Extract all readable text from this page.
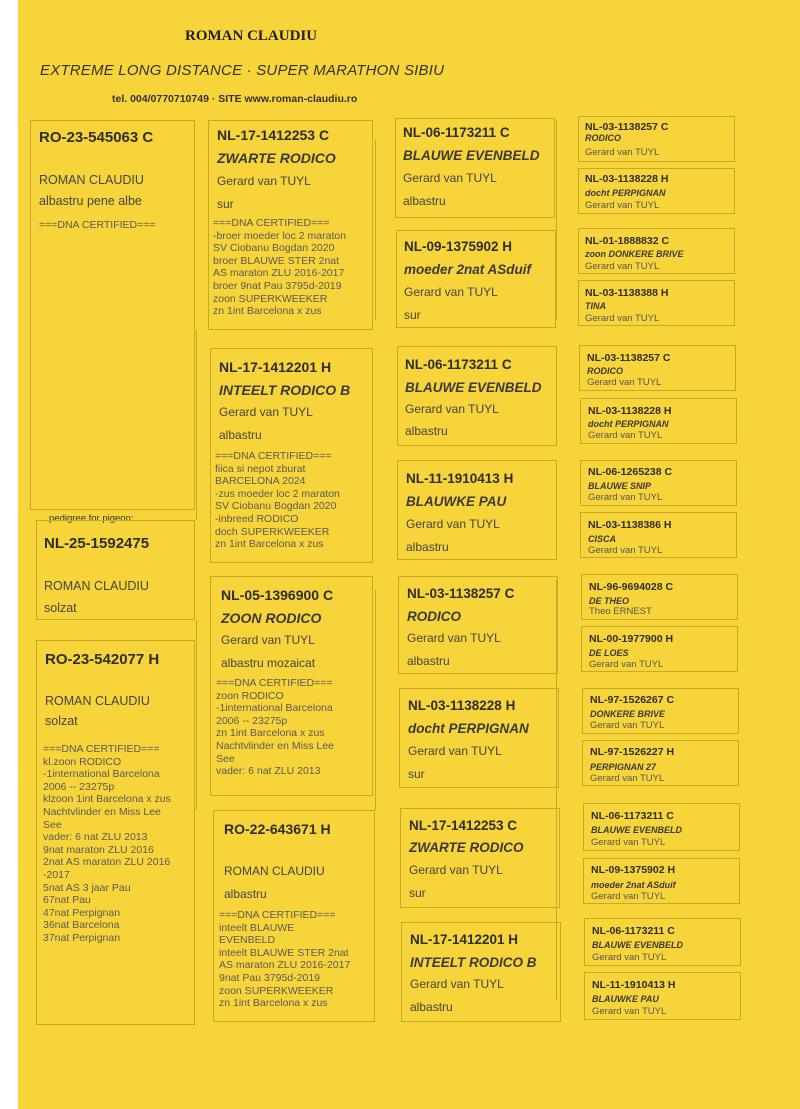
ROMAN CLAUDIU
EXTREME LONG DISTANCE · SUPER MARATHON SIBIU
tel. 004/0770710749 · SITE www.roman-claudiu.ro
RO-23-545063 C
ROMAN CLAUDIU
albastru pene albe
===DNA CERTIFIED===
pedigree for pigeon:
NL-25-1592475
ROMAN CLAUDIU
solzat
RO-23-542077 H
ROMAN CLAUDIU
solzat
===DNA CERTIFIED===
kl.zoon RODICO
-1international Barcelona
2006 -- 23275p
klzoon 1int Barcelona x zus
Nachtvlinder en Miss Lee
See
vader: 6 nat ZLU 2013
9nat maraton ZLU 2016
2nat AS maraton ZLU 2016
-2017
5nat AS 3 jaar Pau
67nat Pau
47nat Perpignan
36nat Barcelona
37nat Perpignan
NL-17-1412253 C
ZWARTE RODICO
Gerard van TUYL
sur
===DNA CERTIFIED===
-broer moeder loc 2 maraton
SV Ciobanu Bogdan 2020
broer BLAUWE STER 2nat
AS maraton ZLU 2016-2017
broer 9nat Pau 3795d-2019
zoon SUPERKWEEKER
zn 1int Barcelona x zus
NL-17-1412201 H
INTEELT RODICO B
Gerard van TUYL
albastru
===DNA CERTIFIED===
fiica si nepot zburat
BARCELONA 2024
-zus moeder loc 2 maraton
SV Ciobanu Bogdan 2020
-inbreed RODICO
doch SUPERKWEEKER
zn 1int Barcelona x zus
NL-05-1396900 C
ZOON RODICO
Gerard van TUYL
albastru mozaicat
===DNA CERTIFIED===
zoon RODICO
-1international Barcelona
2006 -- 23275p
zn 1int Barcelona x zus
Nachtvlinder en Miss Lee
See
vader: 6 nat ZLU 2013
RO-22-643671 H
ROMAN CLAUDIU
albastru
===DNA CERTIFIED===
inteelt BLAUWE
EVENBELD
inteelt BLAUWE STER 2nat
AS maraton ZLU 2016-2017
9nat Pau 3795d-2019
zoon SUPERKWEEKER
zn 1int Barcelona x zus
NL-06-1173211 C
BLAUWE EVENBELD
Gerard van TUYL
albastru
NL-09-1375902 H
moeder 2nat ASduif
Gerard van TUYL
sur
NL-06-1173211 C
BLAUWE EVENBELD
Gerard van TUYL
albastru
NL-11-1910413 H
BLAUWKE PAU
Gerard van TUYL
albastru
NL-03-1138257 C
RODICO
Gerard van TUYL
albastru
NL-03-1138228 H
docht PERPIGNAN
Gerard van TUYL
sur
NL-17-1412253 C
ZWARTE RODICO
Gerard van TUYL
sur
NL-17-1412201 H
INTEELT RODICO B
Gerard van TUYL
albastru
NL-03-1138257 C
RODICO
Gerard van TUYL
NL-03-1138228 H
docht PERPIGNAN
Gerard van TUYL
NL-01-1888832 C
zoon DONKERE BRIVE
Gerard van TUYL
NL-03-1138388 H
TINA
Gerard van TUYL
NL-03-1138257 C
RODICO
Gerard van TUYL
NL-03-1138228 H
docht PERPIGNAN
Gerard van TUYL
NL-06-1265238 C
BLAUWE SNIP
Gerard van TUYL
NL-03-1138386 H
CISCA
Gerard van TUYL
NL-96-9694028 C
DE THEO
Theo ERNEST
NL-00-1977900 H
DE LOES
Gerard van TUYL
NL-97-1526267 C
DONKERE BRIVE
Gerard van TUYL
NL-97-1526227 H
PERPIGNAN 27
Gerard van TUYL
NL-06-1173211 C
BLAUWE EVENBELD
Gerard van TUYL
NL-09-1375902 H
moeder 2nat ASduif
Gerard van TUYL
NL-06-1173211 C
BLAUWE EVENBELD
Gerard van TUYL
NL-11-1910413 H
BLAUWKE PAU
Gerard van TUYL
